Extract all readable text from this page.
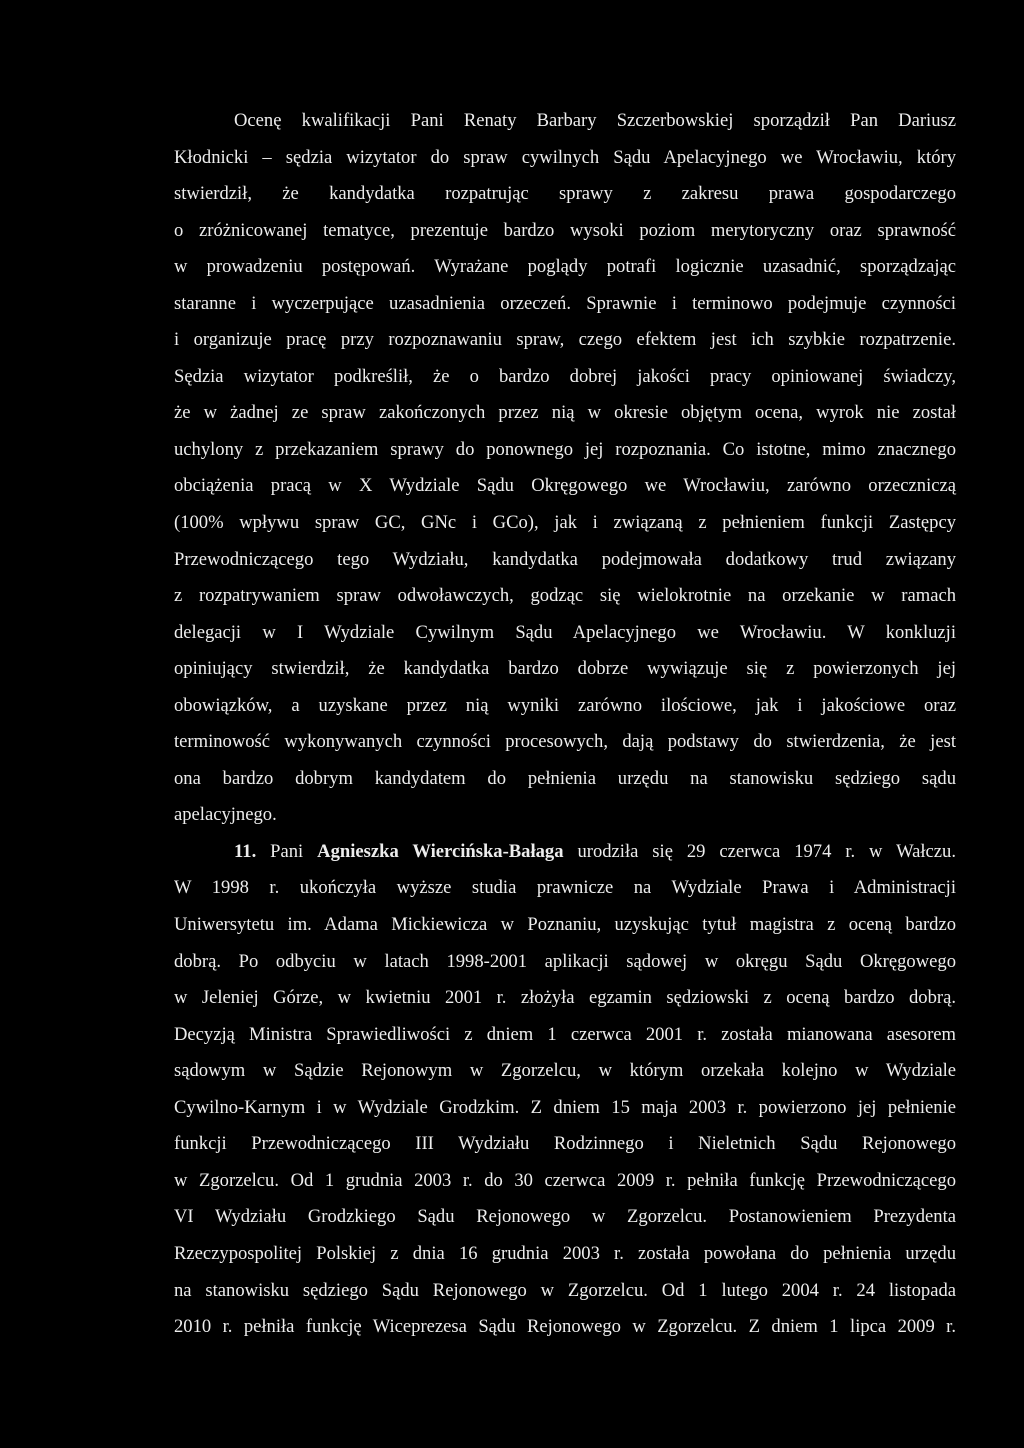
Ocenę kwalifikacji Pani Renaty Barbary Szczerbowskiej sporządził Pan Dariusz
Kłodnicki – sędzia wizytator do spraw cywilnych Sądu Apelacyjnego we Wrocławiu, który
stwierdził, że kandydatka rozpatrując sprawy z zakresu prawa gospodarczego
o zróżnicowanej tematyce, prezentuje bardzo wysoki poziom merytoryczny oraz sprawność
w prowadzeniu postępowań. Wyrażane poglądy potrafi logicznie uzasadnić, sporządzając
staranne i wyczerpujące uzasadnienia orzeczeń. Sprawnie i terminowo podejmuje czynności
i organizuje pracę przy rozpoznawaniu spraw, czego efektem jest ich szybkie rozpatrzenie.
Sędzia wizytator podkreślił, że o bardzo dobrej jakości pracy opiniowanej świadczy,
że w żadnej ze spraw zakończonych przez nią w okresie objętym ocena, wyrok nie został
uchylony z przekazaniem sprawy do ponownego jej rozpoznania. Co istotne, mimo znacznego
obciążenia pracą w X Wydziale Sądu Okręgowego we Wrocławiu, zarówno orzeczniczą
(100% wpływu spraw GC, GNc i GCo), jak i związaną z pełnieniem funkcji Zastępcy
Przewodniczącego tego Wydziału, kandydatka podejmowała dodatkowy trud związany
z rozpatrywaniem spraw odwoławczych, godząc się wielokrotnie na orzekanie w ramach
delegacji w I Wydziale Cywilnym Sądu Apelacyjnego we Wrocławiu. W konkluzji
opiniujący stwierdził, że kandydatka bardzo dobrze wywiązuje się z powierzonych jej
obowiązków, a uzyskane przez nią wyniki zarówno ilościowe, jak i jakościowe oraz
terminowość wykonywanych czynności procesowych, dają podstawy do stwierdzenia, że jest
ona bardzo dobrym kandydatem do pełnienia urzędu na stanowisku sędziego sądu
apelacyjnego.
11. Pani Agnieszka Wiercińska-Bałaga urodziła się 29 czerwca 1974 r. w Wałczu.
W 1998 r. ukończyła wyższe studia prawnicze na Wydziale Prawa i Administracji
Uniwersytetu im. Adama Mickiewicza w Poznaniu, uzyskując tytuł magistra z oceną bardzo
dobrą. Po odbyciu w latach 1998-2001 aplikacji sądowej w okręgu Sądu Okręgowego
w Jeleniej Górze, w kwietniu 2001 r. złożyła egzamin sędziowski z oceną bardzo dobrą.
Decyzją Ministra Sprawiedliwości z dniem 1 czerwca 2001 r. została mianowana asesorem
sądowym w Sądzie Rejonowym w Zgorzelcu, w którym orzekała kolejno w Wydziale
Cywilno-Karnym i w Wydziale Grodzkim. Z dniem 15 maja 2003 r. powierzono jej pełnienie
funkcji Przewodniczącego III Wydziału Rodzinnego i Nieletnich Sądu Rejonowego
w Zgorzelcu. Od 1 grudnia 2003 r. do 30 czerwca 2009 r. pełniła funkcję Przewodniczącego
VI Wydziału Grodzkiego Sądu Rejonowego w Zgorzelcu. Postanowieniem Prezydenta
Rzeczypospolitej Polskiej z dnia 16 grudnia 2003 r. została powołana do pełnienia urzędu
na stanowisku sędziego Sądu Rejonowego w Zgorzelcu. Od 1 lutego 2004 r. 24 listopada
2010 r. pełniła funkcję Wiceprezesa Sądu Rejonowego w Zgorzelcu. Z dniem 1 lipca 2009 r.
